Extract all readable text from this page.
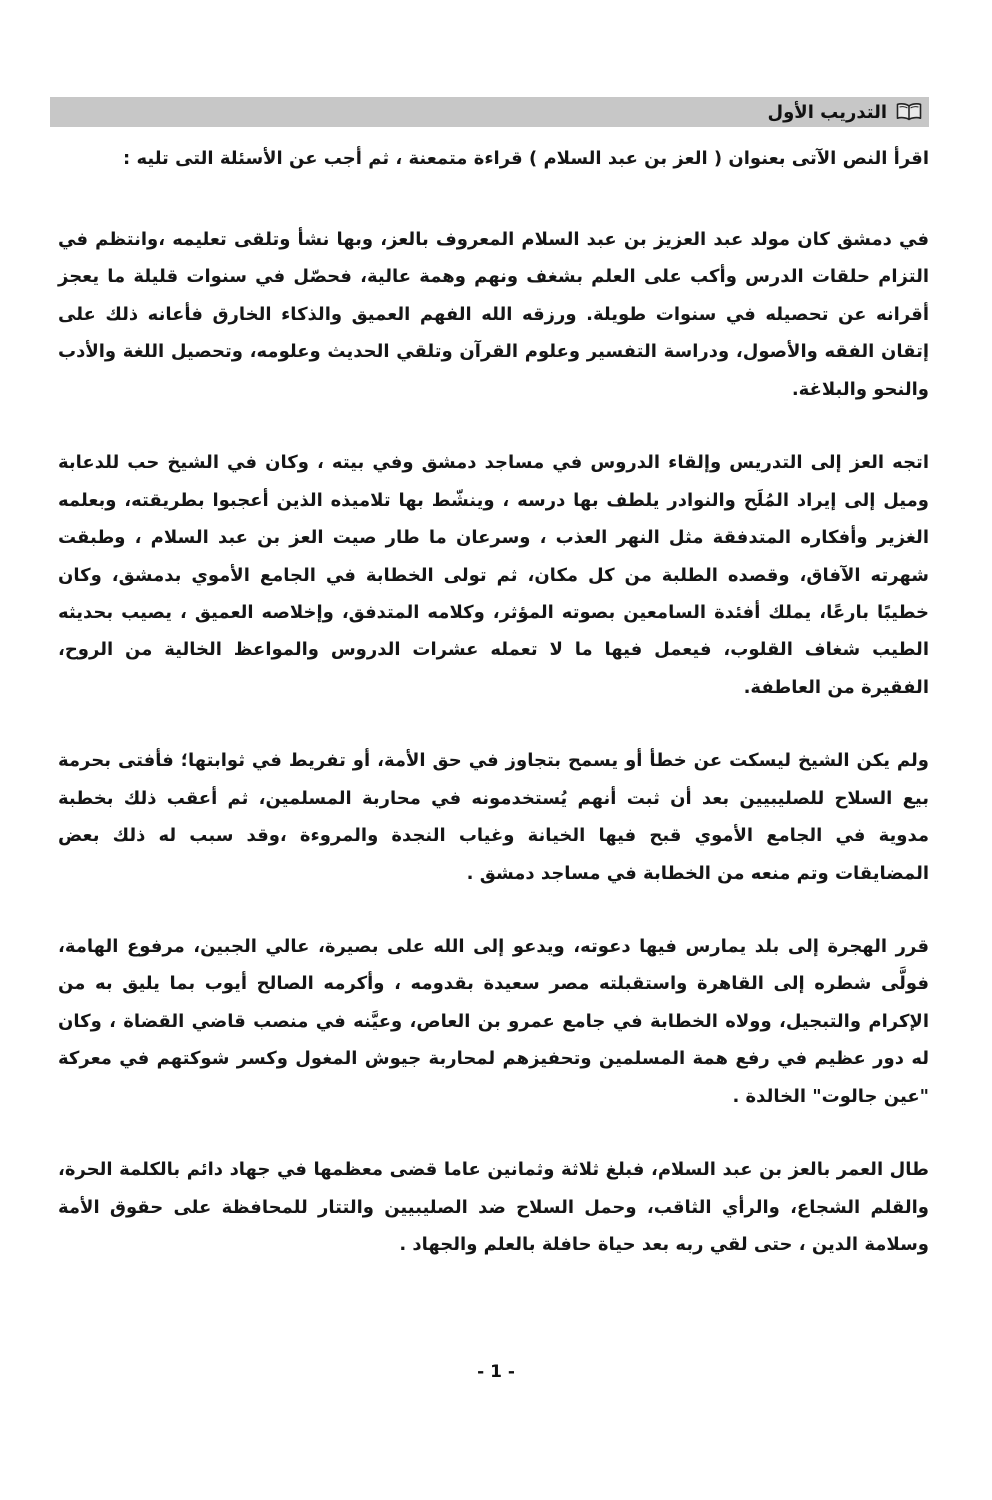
التدريب الأول

اقرأ النص الآتى بعنوان ( العز بن عبد السلام ) قراءة متمعنة ، ثم أجب عن الأسئلة التى تليه :

في دمشق كان مولد عبد العزيز بن عبد السلام المعروف بالعز، وبها نشأ وتلقى تعليمه ،وانتظم في التزام حلقات الدرس وأكب على العلم بشغف ونهم وهمة عالية، فحصّل في سنوات قليلة ما يعجز أقرانه عن تحصيله في سنوات طويلة. ورزقه الله الفهم العميق والذكاء الخارق فأعانه ذلك على إتقان الفقه والأصول، ودراسة التفسير وعلوم القرآن وتلقي الحديث وعلومه، وتحصيل اللغة والأدب والنحو والبلاغة.

اتجه العز إلى التدريس وإلقاء الدروس في مساجد دمشق وفي بيته ، وكان في الشيخ حب للدعابة وميل إلى إيراد المُلَح والنوادر يلطف بها درسه ، وينشّط بها تلاميذه الذين أعجبوا بطريقته، وبعلمه الغزير وأفكاره المتدفقة مثل النهر العذب ، وسرعان ما طار صيت العز بن عبد السلام ، وطبقت شهرته الآفاق، وقصده الطلبة من كل مكان، ثم تولى الخطابة في الجامع الأموي بدمشق، وكان خطيبًا بارعًا، يملك أفئدة السامعين بصوته المؤثر، وكلامه المتدفق، وإخلاصه العميق ، يصيب بحديثه الطيب شغاف القلوب، فيعمل فيها ما لا تعمله عشرات الدروس والمواعظ الخالية من الروح، الفقيرة من العاطفة.

ولم يكن الشيخ ليسكت عن خطأ أو يسمح بتجاوز في حق الأمة، أو تفريط في ثوابتها؛ فأفتى بحرمة بيع السلاح للصليبيين بعد أن ثبت أنهم يُستخدمونه في محاربة المسلمين، ثم أعقب ذلك بخطبة مدوية في الجامع الأموي قبح فيها الخيانة وغياب النجدة والمروءة ،وقد سبب له ذلك بعض المضايقات وتم منعه من الخطابة في مساجد دمشق .

قرر الهجرة إلى بلد يمارس فيها دعوته، ويدعو إلى الله على بصيرة، عالي الجبين، مرفوع الهامة، فولَّى شطره إلى القاهرة واستقبلته مصر سعيدة بقدومه ، وأكرمه الصالح أيوب بما يليق به من الإكرام والتبجيل، وولاه الخطابة في جامع عمرو بن العاص، وعيَّنه في منصب قاضي القضاة ، وكان له دور عظيم في رفع همة المسلمين وتحفيزهم لمحاربة جيوش المغول وكسر شوكتهم في معركة "عين جالوت" الخالدة .

طال العمر بالعز بن عبد السلام، فبلغ ثلاثة وثمانين عاما قضى معظمها في جهاد دائم بالكلمة الحرة، والقلم الشجاع، والرأي الثاقب، وحمل السلاح ضد الصليبيين والتتار للمحافظة على حقوق الأمة وسلامة الدين ، حتى لقي ربه بعد حياة حافلة بالعلم والجهاد .

- 1 -
